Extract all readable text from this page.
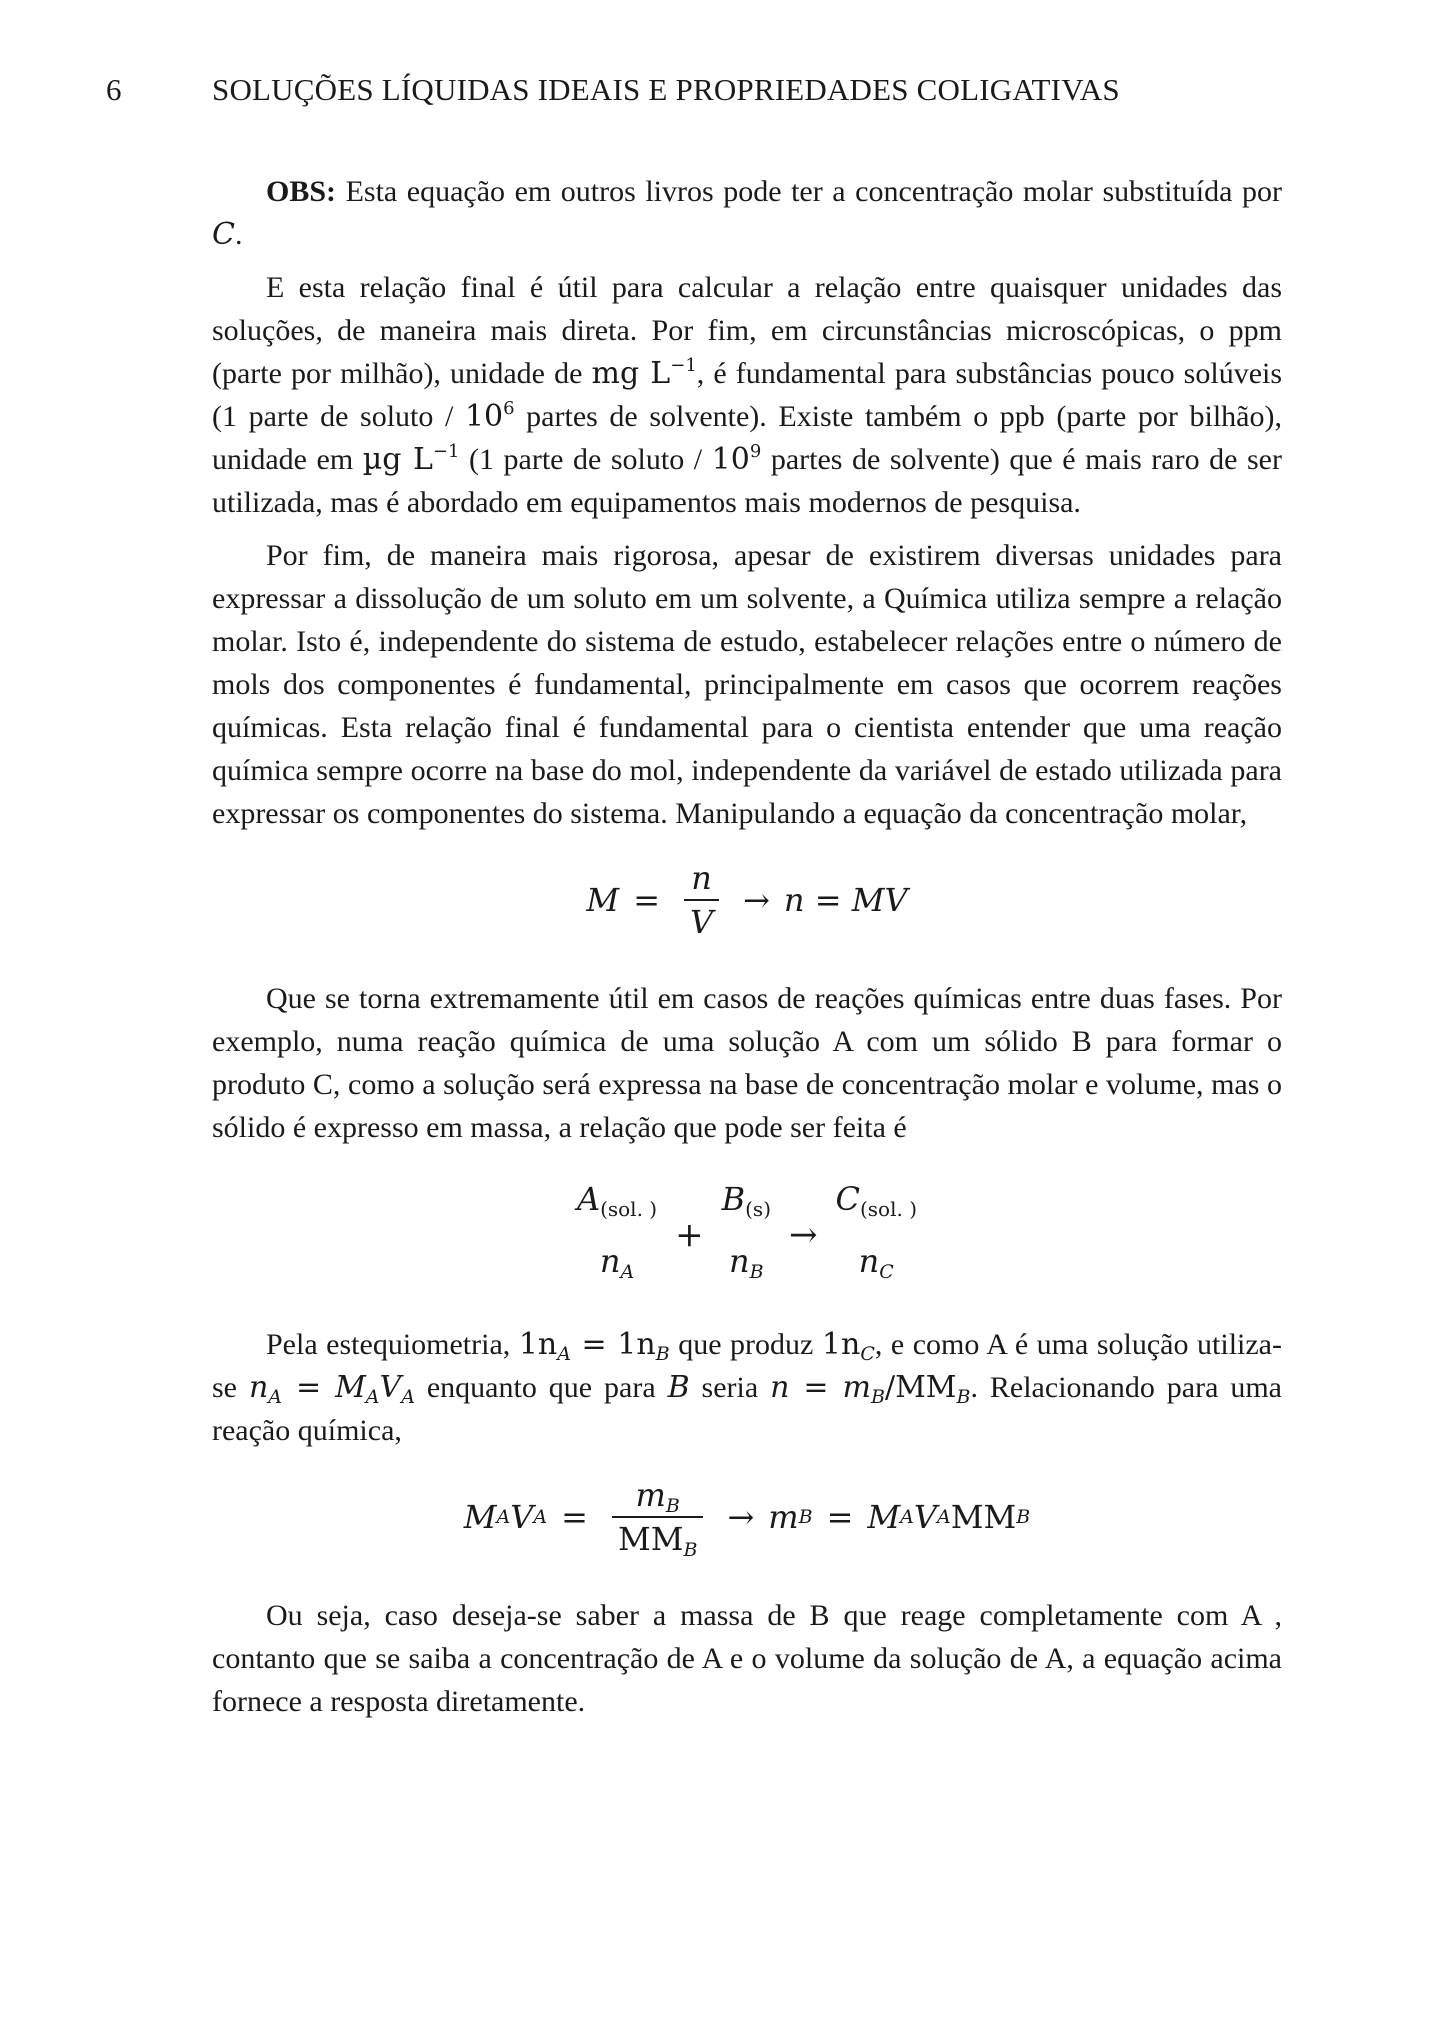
6	SOLUÇÕES LÍQUIDAS IDEAIS E PROPRIEDADES COLIGATIVAS

OBS: Esta equação em outros livros pode ter a concentração molar substituída por C.

E esta relação final é útil para calcular a relação entre quaisquer unidades das soluções, de maneira mais direta. Por fim, em circunstâncias microscópicas, o ppm (parte por milhão), unidade de mg $L^{-1}$, é fundamental para substâncias pouco solúveis (1 parte de soluto / $10^6$ partes de solvente). Existe também o ppb (parte por bilhão), unidade em µg $L^{-1}$ (1 parte de soluto / $10^9$ partes de solvente) que é mais raro de ser utilizada, mas é abordado em equipamentos mais modernos de pesquisa.

Por fim, de maneira mais rigorosa, apesar de existirem diversas unidades para expressar a dissolução de um soluto em um solvente, a Química utiliza sempre a relação molar. Isto é, independente do sistema de estudo, estabelecer relações entre o número de mols dos componentes é fundamental, principalmente em casos que ocorrem reações químicas. Esta relação final é fundamental para o cientista entender que uma reação química sempre ocorre na base do mol, independente da variável de estado utilizada para expressar os componentes do sistema. Manipulando a equação da concentração molar,

$M = \frac{n}{V} \to n$ = MV

Que se torna extremamente útil em casos de reações químicas entre duas fases. Por exemplo, numa reação química de uma solução A com um sólido B para formar o produto C, como a solução será expressa na base de concentração molar e volume, mas o sólido é expresso em massa, a relação que pode ser feita é

A(sol. )
$n_A$
+
B(s)
$n_B$
→
C(sol. )
$n_C$

Pela estequiometria, $1n_A = 1n_B$ que produz $1n_C$, e como A é uma solução utiliza-se $n_A = M_AV_A$ enquanto que para B seria $n = m_B/MM_B$. Relacionando para uma reação química,

M A V $A = \frac{m_B}{MM_B} \to m$ B = M A V A MM B

Ou seja, caso deseja-se saber a massa de B que reage completamente com A , contanto que se saiba a concentração de A e o volume da solução de A, a equação acima fornece a resposta diretamente.
